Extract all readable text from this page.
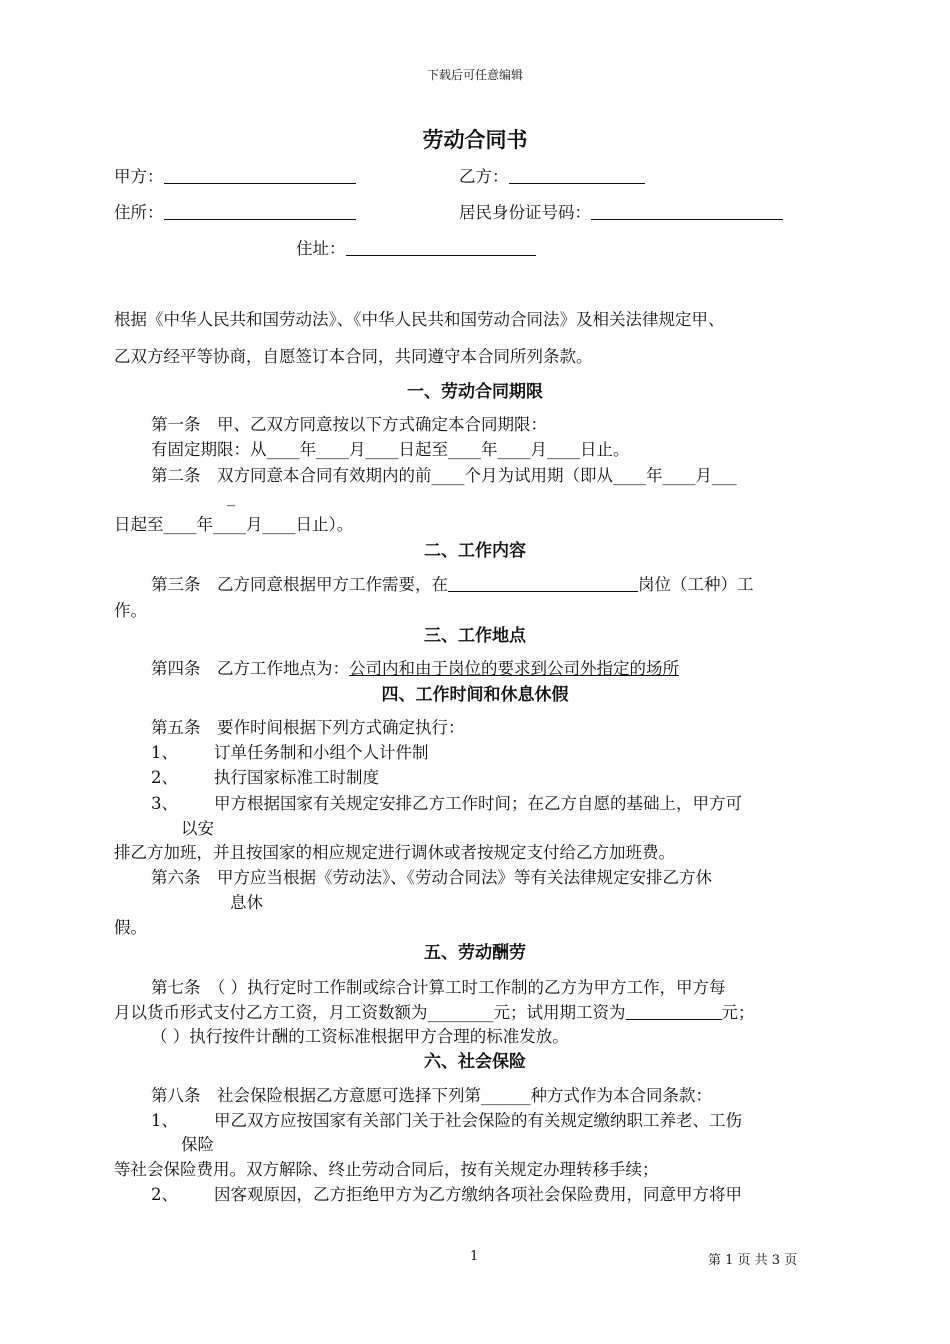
下载后可任意编辑
劳动合同书
甲方：	乙方：
住所：	居民身份证号码：
住址：
根据《中华人民共和国劳动法》、《中华人民共和国劳动合同法》及相关法律规定甲、
乙双方经平等协商，自愿签订本合同，共同遵守本合同所列条款。
一、劳动合同期限
第一条　甲、乙双方同意按以下方式确定本合同期限：
有固定期限：从____年____月____日起至____年____月____日止。
第二条　双方同意本合同有效期内的前____个月为试用期（即从____年____月___
_
日起至____年____月____日止）。
二、工作内容
第三条　乙方同意根据甲方工作需要，在	岗位（工种）工
作。
三、工作地点
第四条　乙方工作地点为：公司内和由于岗位的要求到公司外指定的场所
四、工作时间和休息休假
第五条　要作时间根据下列方式确定执行：
1、 订单任务制和小组个人计件制
2、 执行国家标准工时制度
3、 甲方根据国家有关规定安排乙方工作时间；在乙方自愿的基础上，甲方可
以安
排乙方加班，并且按国家的相应规定进行调休或者按规定支付给乙方加班费。
第六条　甲方应当根据《劳动法》、《劳动合同法》等有关法律规定安排乙方休
息休
假。
五、劳动酬劳
第七条　（ ）执行定时工作制或综合计算工时工作制的乙方为甲方工作，甲方每
月以货币形式支付乙方工资，月工资数额为________元；试用期工资为	元；
（ ）执行按件计酬的工资标准根据甲方合理的标准发放。
六、社会保险
第八条　社会保险根据乙方意愿可选择下列第______种方式作为本合同条款：
1、 甲乙双方应按国家有关部门关于社会保险的有关规定缴纳职工养老、工伤
保险
等社会保险费用。双方解除、终止劳动合同后，按有关规定办理转移手续；
2、 因客观原因，乙方拒绝甲方为乙方缴纳各项社会保险费用，同意甲方将甲
1	第 1 页 共 3 页
